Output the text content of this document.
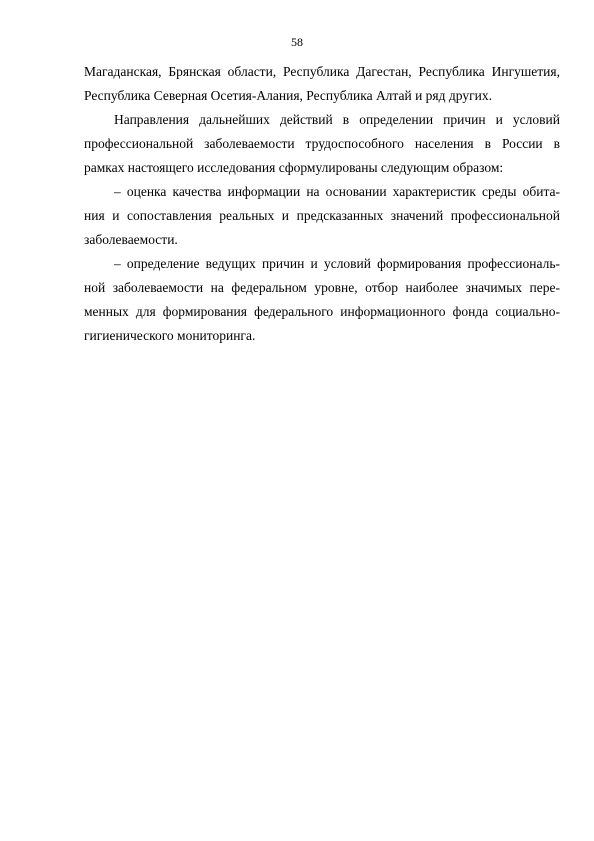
58
Магаданская, Брянская области, Республика Дагестан, Республика Ингушетия,
Республика Северная Осетия-Алания, Республика Алтай и ряд других.
Направления дальнейших действий в определении причин и условий
профессиональной заболеваемости трудоспособного населения в России в
рамках настоящего исследования сформулированы следующим образом:
– оценка качества информации на основании характеристик среды обита-
ния и сопоставления реальных и предсказанных значений профессиональной
заболеваемости.
– определение ведущих причин и условий формирования профессиональ-
ной заболеваемости на федеральном уровне, отбор наиболее значимых пере-
менных для формирования федерального информационного фонда социально-
гигиенического мониторинга.
